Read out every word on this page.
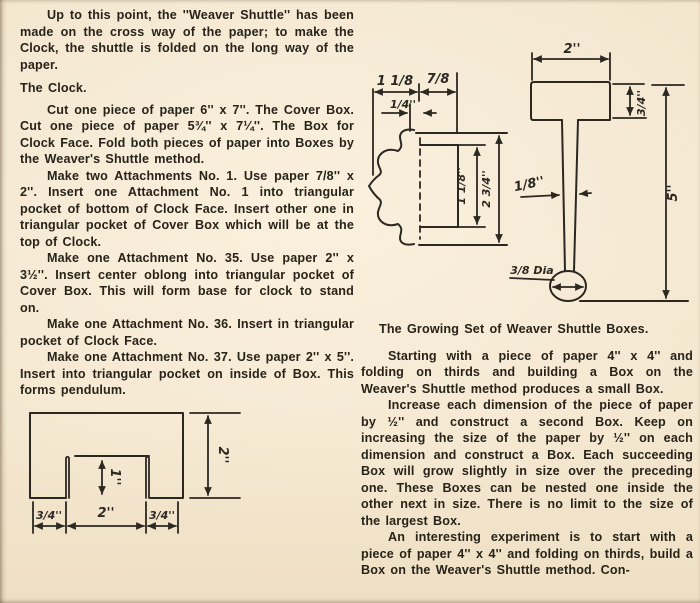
Up to this point, the ''Weaver Shuttle'' has been made on the cross way of the paper; to make the Clock, the shuttle is folded on the long way of the paper.

The Clock.

Cut one piece of paper 6'' x 7''. The Cover Box. Cut one piece of paper 5¾'' x 7¼''. The Box for Clock Face. Fold both pieces of paper into Boxes by the Weaver's Shuttle method.

Make two Attachments No. 1. Use paper 7/8'' x 2''. Insert one Attachment No. 1 into triangular pocket of bottom of Clock Face. Insert other one in triangular pocket of Cover Box which will be at the top of Clock.

Make one Attachment No. 35. Use paper 2'' x 3½''. Insert center oblong into triangular pocket of Cover Box. This will form base for clock to stand on.

Make one Attachment No. 36. Insert in triangular pocket of Clock Face.

Make one Attachment No. 37. Use paper 2'' x 5''. Insert into triangular pocket on inside of Box. This forms pendulum.

1''
2''
3/4''	2''	3/4''
1 1/8 7/8
1/4''
1 1/8'' 2 3/4''
2''
3/4''
1/8''
3/8 Dia
5''

The Growing Set of Weaver Shuttle Boxes.

Starting with a piece of paper 4'' x 4'' and folding on thirds and building a Box on the Weaver's Shuttle method produces a small Box.

Increase each dimension of the piece of paper by ½'' and construct a second Box. Keep on increasing the size of the paper by ½'' on each dimension and construct a Box. Each succeeding Box will grow slightly in size over the preceding one. These Boxes can be nested one inside the other next in size. There is no limit to the size of the largest Box.

An interesting experiment is to start with a piece of paper 4'' x 4'' and folding on thirds, build a Box on the Weaver's Shuttle method. Con-
